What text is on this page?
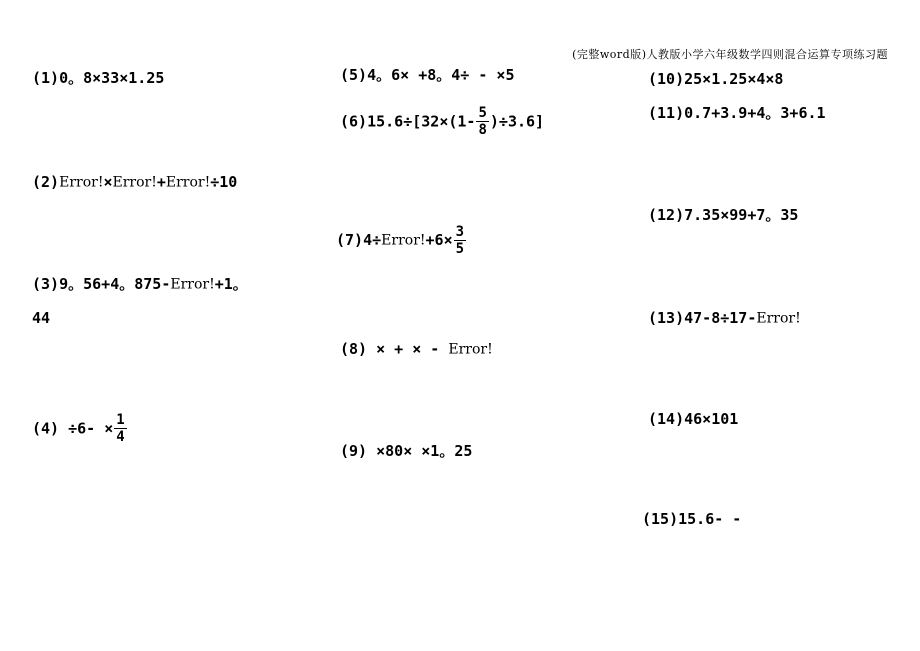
(完整word版)人教版小学六年级数学四则混合运算专项练习题
(1)0。8×33×1.25
(2)Error!×Error!+Error!÷10
(3)9。56+4。875-Error!+1。
44
$(4) \div 6- \times \frac{1}{4}$
(5)4。6× +8。4÷ - ×5
$(6)15.6\div[32\times(1- \frac{5}{8} )\div 3.6]$
(7)4÷Error!+6× $\frac{3}{5}$
(8) × + × - Error!
(9) ×80× ×1。25
(10)25×1.25×4×8
(11)0.7+3.9+4。3+6.1
(12)7.35×99+7。35
(13)47-8÷17-Error!
(14)46×101
(15)15.6- -
